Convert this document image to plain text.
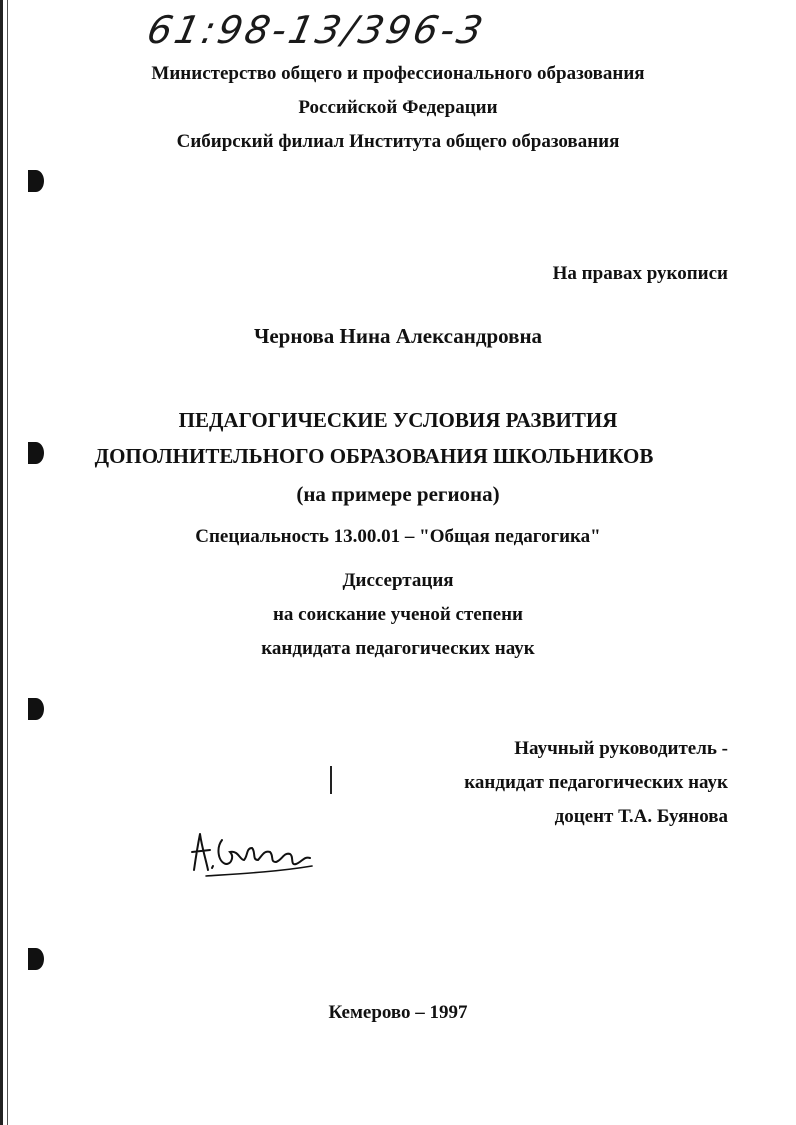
61:98-13/396-3
Министерство общего и профессионального образования
Российской Федерации
Сибирский филиал Института общего образования
На правах рукописи
Чернова Нина Александровна
ПЕДАГОГИЧЕСКИЕ УСЛОВИЯ РАЗВИТИЯ
ДОПОЛНИТЕЛЬНОГО ОБРАЗОВАНИЯ ШКОЛЬНИКОВ
(на примере региона)
Специальность 13.00.01 – "Общая педагогика"
Диссертация
на соискание ученой степени
кандидата педагогических наук
Научный руководитель -
кандидат педагогических наук
доцент Т.А. Буянова
Кемерово – 1997
